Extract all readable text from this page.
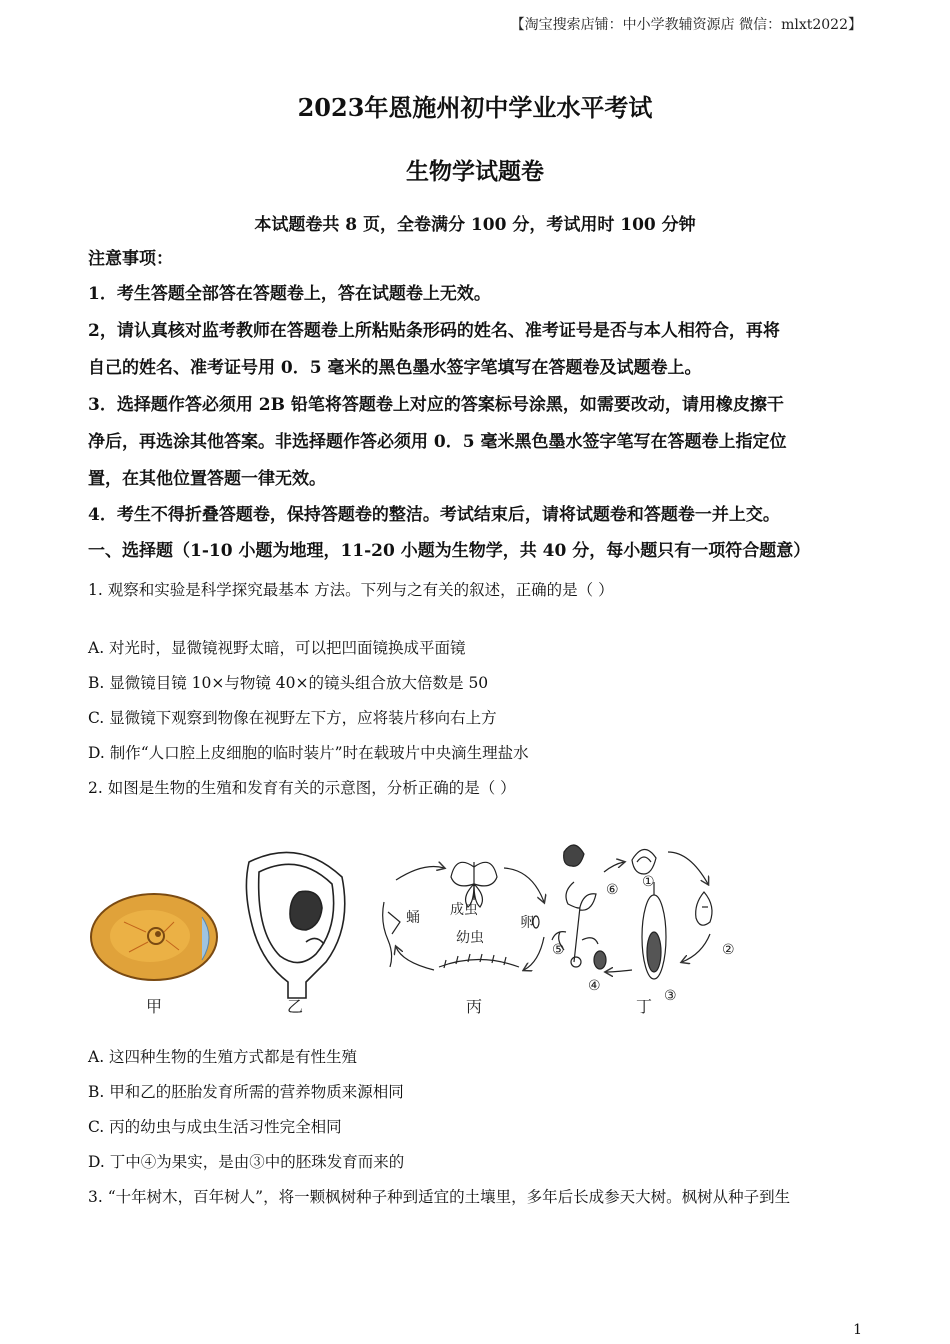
【淘宝搜索店铺：中小学教辅资源店 微信：mlxt2022】
2023年恩施州初中学业水平考试
生物学试题卷
本试题卷共 8 页，全卷满分 100 分，考试用时 100 分钟
注意事项：
1．考生答题全部答在答题卷上，答在试题卷上无效。
2，请认真核对监考教师在答题卷上所粘贴条形码的姓名、准考证号是否与本人相符合，再将
自己的姓名、准考证号用 0．5 毫米的黑色墨水签字笔填写在答题卷及试题卷上。
3．选择题作答必须用 2B 铅笔将答题卷上对应的答案标号涂黑，如需要改动，请用橡皮擦干
净后，再选涂其他答案。非选择题作答必须用 0．5 毫米黑色墨水签字笔写在答题卷上指定位
置，在其他位置答题一律无效。
4．考生不得折叠答题卷，保持答题卷的整洁。考试结束后，请将试题卷和答题卷一并上交。
一、选择题（1-10 小题为地理，11-20 小题为生物学，共 40 分，每小题只有一项符合题意）
1. 观察和实验是科学探究最基本 方法。下列与之有关的叙述，正确的是（ ）
A. 对光时，显微镜视野太暗，可以把凹面镜换成平面镜
B. 显微镜目镜 10×与物镜 40×的镜头组合放大倍数是 50
C. 显微镜下观察到物像在视野左下方，应将装片移向右上方
D. 制作“人口腔上皮细胞的临时装片”时在载玻片中央滴生理盐水
2. 如图是生物的生殖和发育有关的示意图，分析正确的是（ ）
甲	乙
蛹 成虫
卵
幼虫
丙
①
②
③
④
⑤
⑥
丁
A. 这四种生物的生殖方式都是有性生殖
B. 甲和乙的胚胎发育所需的营养物质来源相同
C. 丙的幼虫与成虫生活习性完全相同
D. 丁中④为果实，是由③中的胚珠发育而来的
3. “十年树木，百年树人”，将一颗枫树种子种到适宜的土壤里，多年后长成参天大树。枫树从种子到生
1
